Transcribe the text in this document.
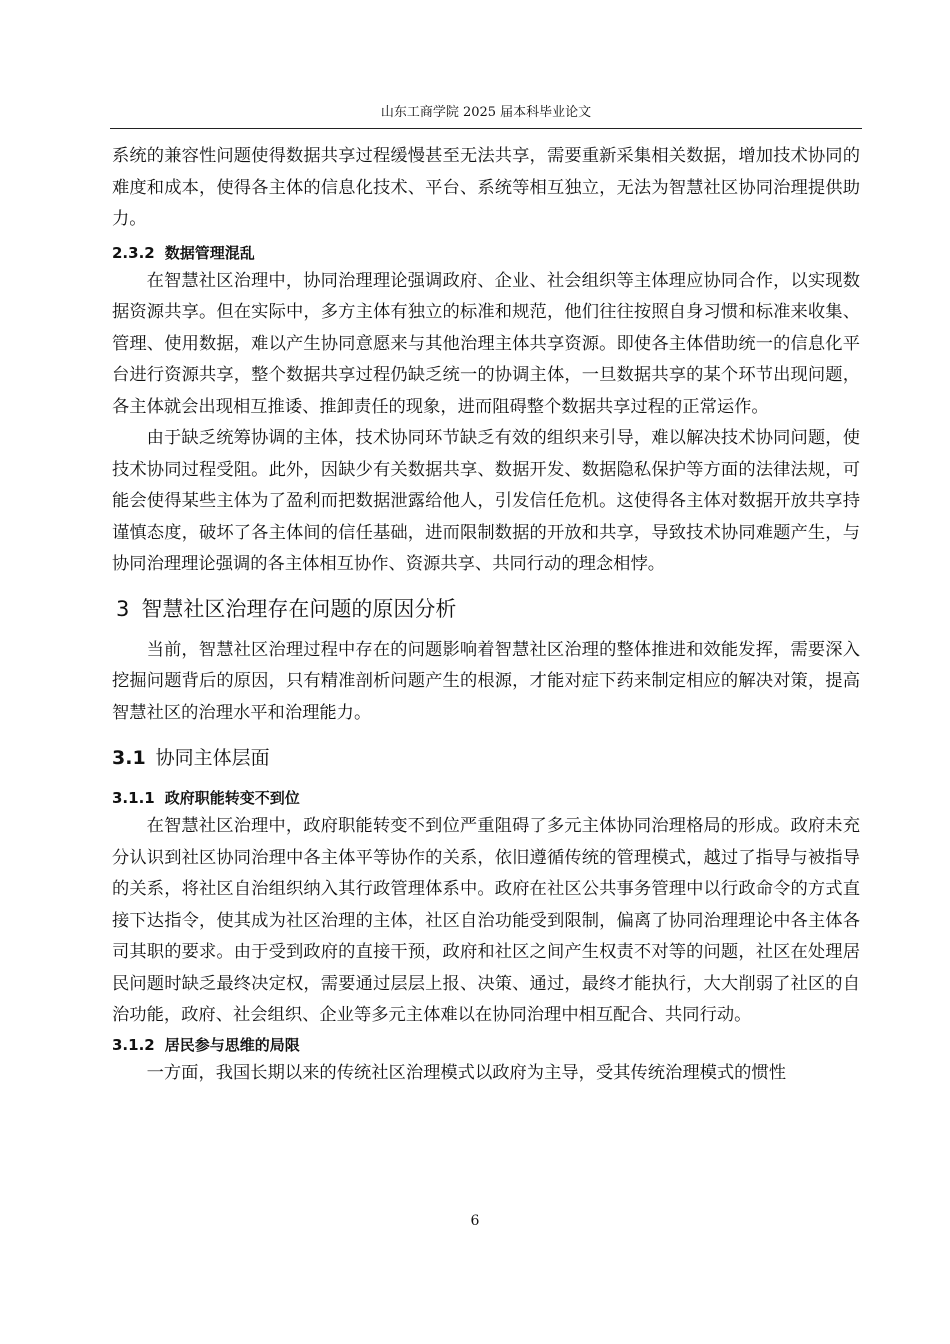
山东工商学院 2025 届本科毕业论文

系统的兼容性问题使得数据共享过程缓慢甚至无法共享，需要重新采集相关数据，增加技术协同的难度和成本，使得各主体的信息化技术、平台、系统等相互独立，无法为智慧社区协同治理提供助力。

2.3.2 数据管理混乱

在智慧社区治理中，协同治理理论强调政府、企业、社会组织等主体理应协同合作，以实现数据资源共享。但在实际中，多方主体有独立的标准和规范，他们往往按照自身习惯和标准来收集、管理、使用数据，难以产生协同意愿来与其他治理主体共享资源。即使各主体借助统一的信息化平台进行资源共享，整个数据共享过程仍缺乏统一的协调主体，一旦数据共享的某个环节出现问题，各主体就会出现相互推诿、推卸责任的现象，进而阻碍整个数据共享过程的正常运作。

由于缺乏统筹协调的主体，技术协同环节缺乏有效的组织来引导，难以解决技术协同问题，使技术协同过程受阻。此外，因缺少有关数据共享、数据开发、数据隐私保护等方面的法律法规，可能会使得某些主体为了盈利而把数据泄露给他人，引发信任危机。这使得各主体对数据开放共享持谨慎态度，破坏了各主体间的信任基础，进而限制数据的开放和共享，导致技术协同难题产生，与协同治理理论强调的各主体相互协作、资源共享、共同行动的理念相悖。

3 智慧社区治理存在问题的原因分析

当前，智慧社区治理过程中存在的问题影响着智慧社区治理的整体推进和效能发挥，需要深入挖掘问题背后的原因，只有精准剖析问题产生的根源，才能对症下药来制定相应的解决对策，提高智慧社区的治理水平和治理能力。

3.1 协同主体层面
3.1.1 政府职能转变不到位

在智慧社区治理中，政府职能转变不到位严重阻碍了多元主体协同治理格局的形成。政府未充分认识到社区协同治理中各主体平等协作的关系，依旧遵循传统的管理模式，越过了指导与被指导的关系，将社区自治组织纳入其行政管理体系中。政府在社区公共事务管理中以行政命令的方式直接下达指令，使其成为社区治理的主体，社区自治功能受到限制，偏离了协同治理理论中各主体各司其职的要求。由于受到政府的直接干预，政府和社区之间产生权责不对等的问题，社区在处理居民问题时缺乏最终决定权，需要通过层层上报、决策、通过，最终才能执行，大大削弱了社区的自治功能，政府、社会组织、企业等多元主体难以在协同治理中相互配合、共同行动。

3.1.2 居民参与思维的局限

一方面，我国长期以来的传统社区治理模式以政府为主导，受其传统治理模式的惯性

6
